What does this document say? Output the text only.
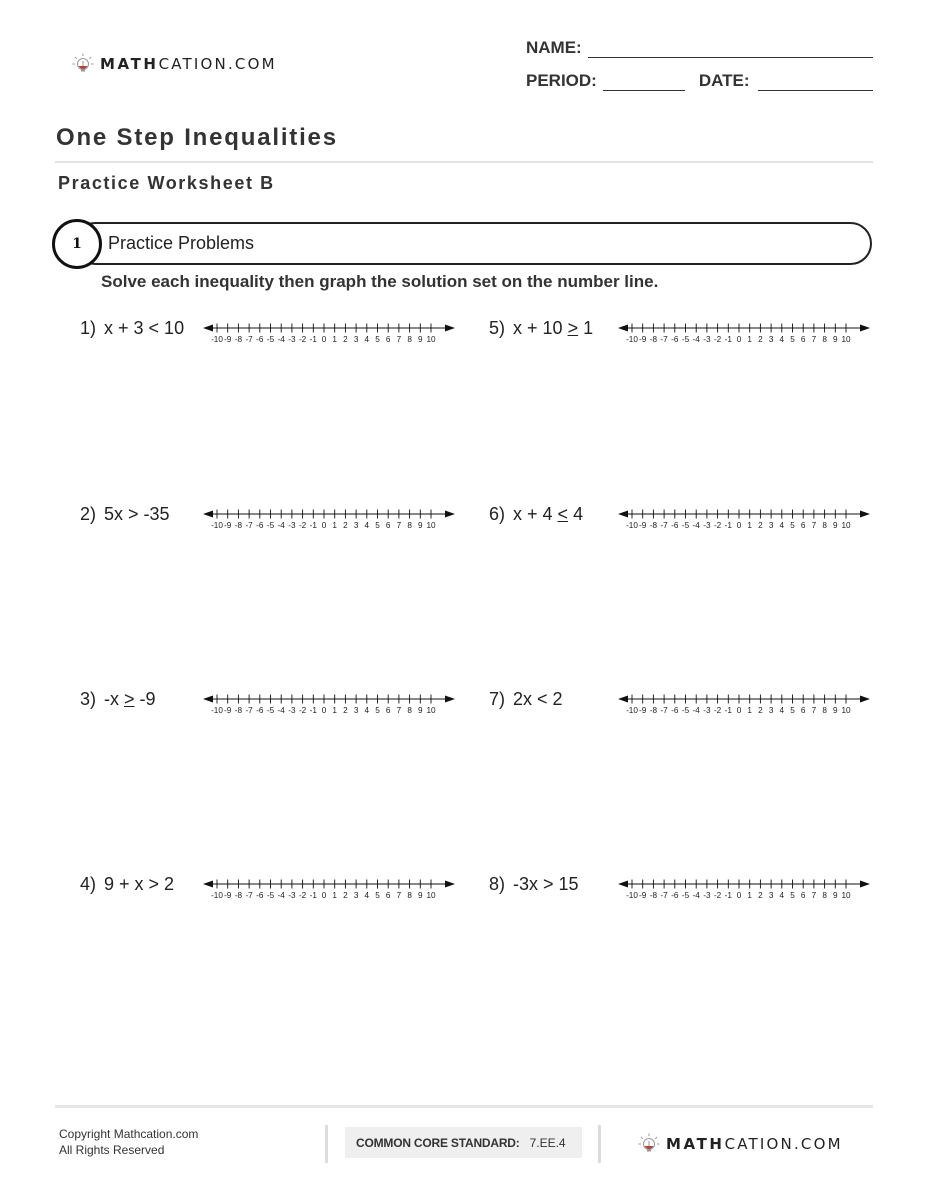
MATHCATION.COM
NAME:
PERIOD:	DATE:
One Step Inequalities
Practice Worksheet B
1	Practice Problems
Solve each inequality then graph the solution set on the number line.
1) x + 3 < 10
-10 -9 -8 -7 -6 -5 -4 -3 -2 -1 0 1 2 3 4 5 6 7 8 9 10
2) 5x > -35
-10 -9 -8 -7 -6 -5 -4 -3 -2 -1 0 1 2 3 4 5 6 7 8 9 10
3) -x > -9
-10 -9 -8 -7 -6 -5 -4 -3 -2 -1 0 1 2 3 4 5 6 7 8 9 10
4) 9 + x > 2
-10 -9 -8 -7 -6 -5 -4 -3 -2 -1 0 1 2 3 4 5 6 7 8 9 10
5) x + 10 > 1
-10 -9 -8 -7 -6 -5 -4 -3 -2 -1 0 1 2 3 4 5 6 7 8 9 10
6) x + 4 < 4
-10 -9 -8 -7 -6 -5 -4 -3 -2 -1 0 1 2 3 4 5 6 7 8 9 10
7) 2x < 2
-10 -9 -8 -7 -6 -5 -4 -3 -2 -1 0 1 2 3 4 5 6 7 8 9 10
8) -3x > 15
-10 -9 -8 -7 -6 -5 -4 -3 -2 -1 0 1 2 3 4 5 6 7 8 9 10
Copyright Mathcation.com
All Rights Reserved
COMMON CORE STANDARD: 7.EE.4	MATHCATION.COM
